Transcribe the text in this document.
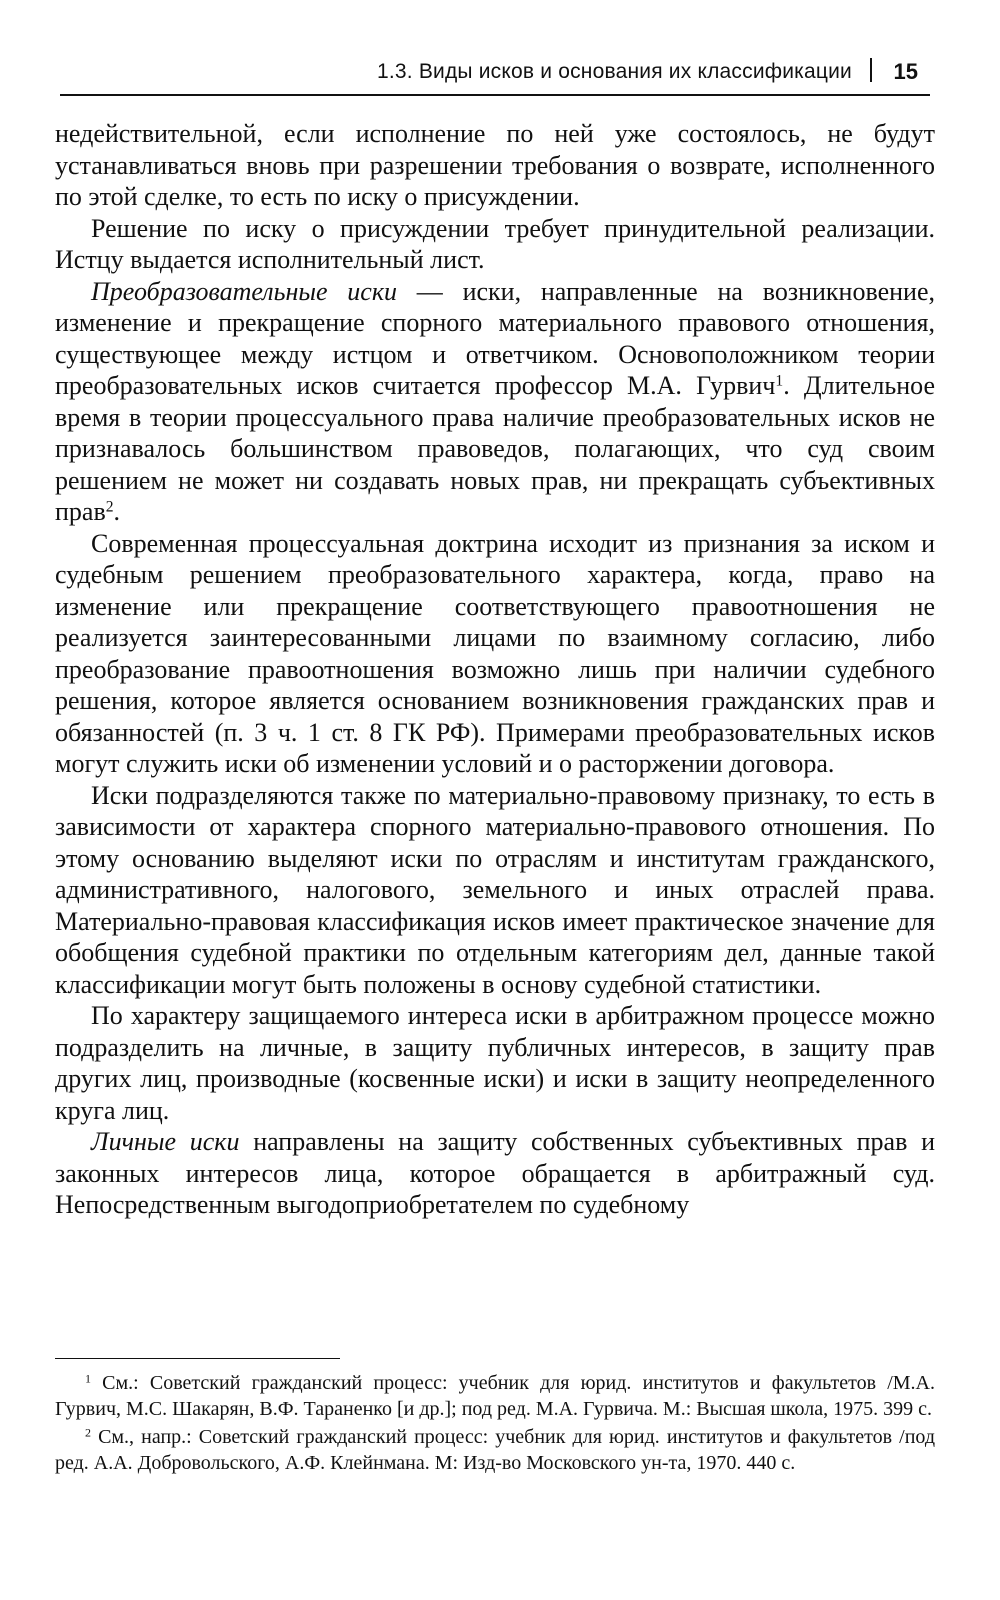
1.3. Виды исков и основания их классификации 15

недействительной, если исполнение по ней уже состоялось, не будут устанавливаться вновь при разрешении требования о возврате, исполненного по этой сделке, то есть по иску о присуждении.

Решение по иску о присуждении требует принудительной реализации. Истцу выдается исполнительный лист.

Преобразовательные иски — иски, направленные на возникновение, изменение и прекращение спорного материального правового отношения, существующее между истцом и ответчиком. Основоположником теории преобразовательных исков считается профессор М.А. Гурвич$^1$. Длительное время в теории процессуального права наличие преобразовательных исков не признавалось большинством правоведов, полагающих, что суд своим решением не может ни создавать новых прав, ни прекращать субъективных прав$^2$.

Современная процессуальная доктрина исходит из признания за иском и судебным решением преобразовательного характера, когда, право на изменение или прекращение соответствующего правоотношения не реализуется заинтересованными лицами по взаимному согласию, либо преобразование правоотношения возможно лишь при наличии судебного решения, которое является основанием возникновения гражданских прав и обязанностей (п. 3 ч. 1 ст. 8 ГК РФ). Примерами преобразовательных исков могут служить иски об изменении условий и о расторжении договора.

Иски подразделяются также по материально-правовому признаку, то есть в зависимости от характера спорного материально-правового отношения. По этому основанию выделяют иски по отраслям и институтам гражданского, административного, налогового, земельного и иных отраслей права. Материально-правовая классификация исков имеет практическое значение для обобщения судебной практики по отдельным категориям дел, данные такой классификации могут быть положены в основу судебной статистики.

По характеру защищаемого интереса иски в арбитражном процессе можно подразделить на личные, в защиту публичных интересов, в защиту прав других лиц, производные (косвенные иски) и иски в защиту неопределенного круга лиц.

Личные иски направлены на защиту собственных субъективных прав и законных интересов лица, которое обращается в арбитражный суд. Непосредственным выгодоприобретателем по судебному

$^1$ См.: Советский гражданский процесс: учебник для юрид. институтов и факультетов /М.А. Гурвич, М.С. Шакарян, В.Ф. Тараненко [и др.]; под ред. М.А. Гурвича. М.: Высшая школа, 1975. 399 с.

$^2$ См., напр.: Советский гражданский процесс: учебник для юрид. институтов и факультетов /под ред. А.А. Добровольского, А.Ф. Клейнмана. М: Изд-во Московского ун-та, 1970. 440 с.
